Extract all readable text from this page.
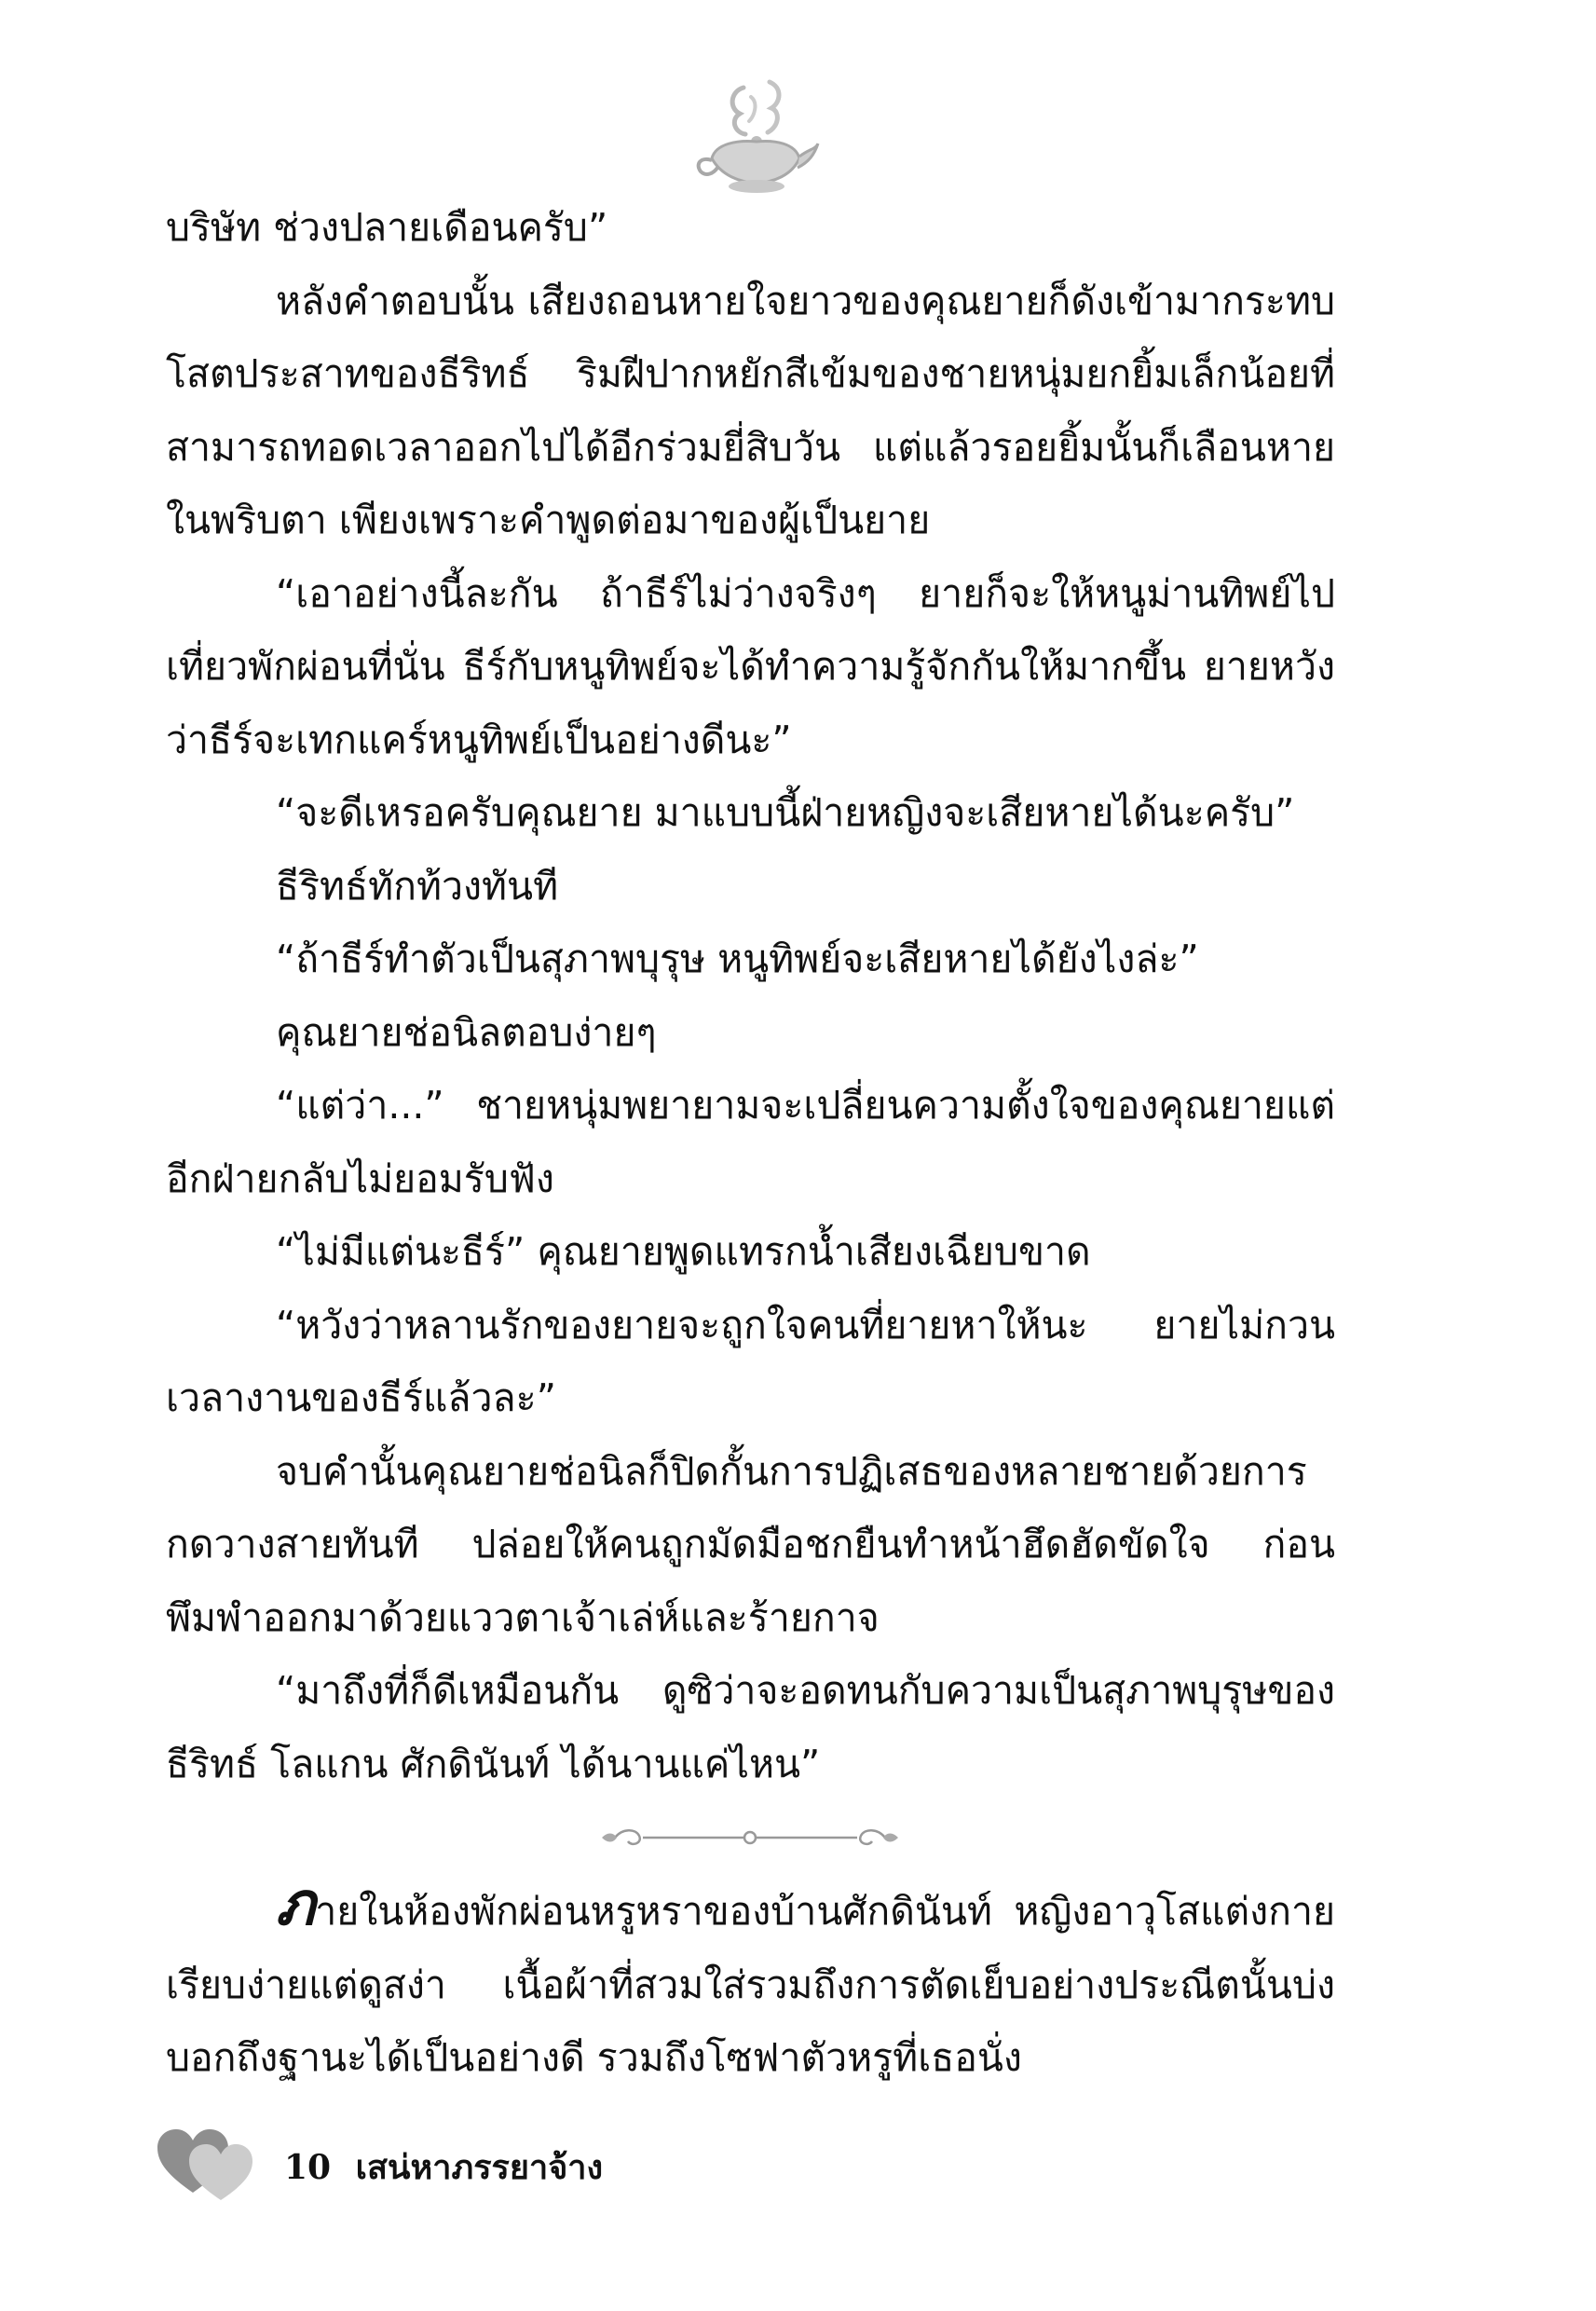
บริษัท ช่วงปลายเดือนครับ”

หลังคำตอบนั้น เสียงถอนหายใจยาวของคุณยายก็ดังเข้ามากระทบโสตประสาทของธีริทธ์ ริมฝีปากหยักสีเข้มของชายหนุ่มยกยิ้มเล็กน้อยที่สามารถทอดเวลาออกไปได้อีกร่วมยี่สิบวัน แต่แล้วรอยยิ้มนั้นก็เลือนหายในพริบตา เพียงเพราะคำพูดต่อมาของผู้เป็นยาย

“เอาอย่างนี้ละกัน ถ้าธีร์ไม่ว่างจริงๆ ยายก็จะให้หนูม่านทิพย์ไปเที่ยวพักผ่อนที่นั่น ธีร์กับหนูทิพย์จะได้ทำความรู้จักกันให้มากขึ้น ยายหวังว่าธีร์จะเทกแคร์หนูทิพย์เป็นอย่างดีนะ”

“จะดีเหรอครับคุณยาย มาแบบนี้ฝ่ายหญิงจะเสียหายได้นะครับ”

ธีริทธ์ทักท้วงทันที

“ถ้าธีร์ทำตัวเป็นสุภาพบุรุษ หนูทิพย์จะเสียหายได้ยังไงล่ะ”

คุณยายช่อนิลตอบง่ายๆ

“แต่ว่า...” ชายหนุ่มพยายามจะเปลี่ยนความตั้งใจของคุณยายแต่อีกฝ่ายกลับไม่ยอมรับฟัง

“ไม่มีแต่นะธีร์” คุณยายพูดแทรกน้ำเสียงเฉียบขาด

“หวังว่าหลานรักของยายจะถูกใจคนที่ยายหาให้นะ ยายไม่กวนเวลางานของธีร์แล้วละ”

จบคำนั้นคุณยายช่อนิลก็ปิดกั้นการปฏิเสธของหลายชายด้วยการกดวางสายทันที ปล่อยให้คนถูกมัดมือชกยืนทำหน้าฮึดฮัดขัดใจ ก่อนพึมพำออกมาด้วยแววตาเจ้าเล่ห์และร้ายกาจ

“มาถึงที่ก็ดีเหมือนกัน ดูซิว่าจะอดทนกับความเป็นสุภาพบุรุษของธีริทธ์ โลแกน ศักดินันท์ ได้นานแค่ไหน”

ภายในห้องพักผ่อนหรูหราของบ้านศักดินันท์ หญิงอาวุโสแต่งกายเรียบง่ายแต่ดูสง่า เนื้อผ้าที่สวมใส่รวมถึงการตัดเย็บอย่างประณีตนั้นบ่งบอกถึงฐานะได้เป็นอย่างดี รวมถึงโซฟาตัวหรูที่เธอนั่ง

10 เสน่หาภรรยาจ้าง
